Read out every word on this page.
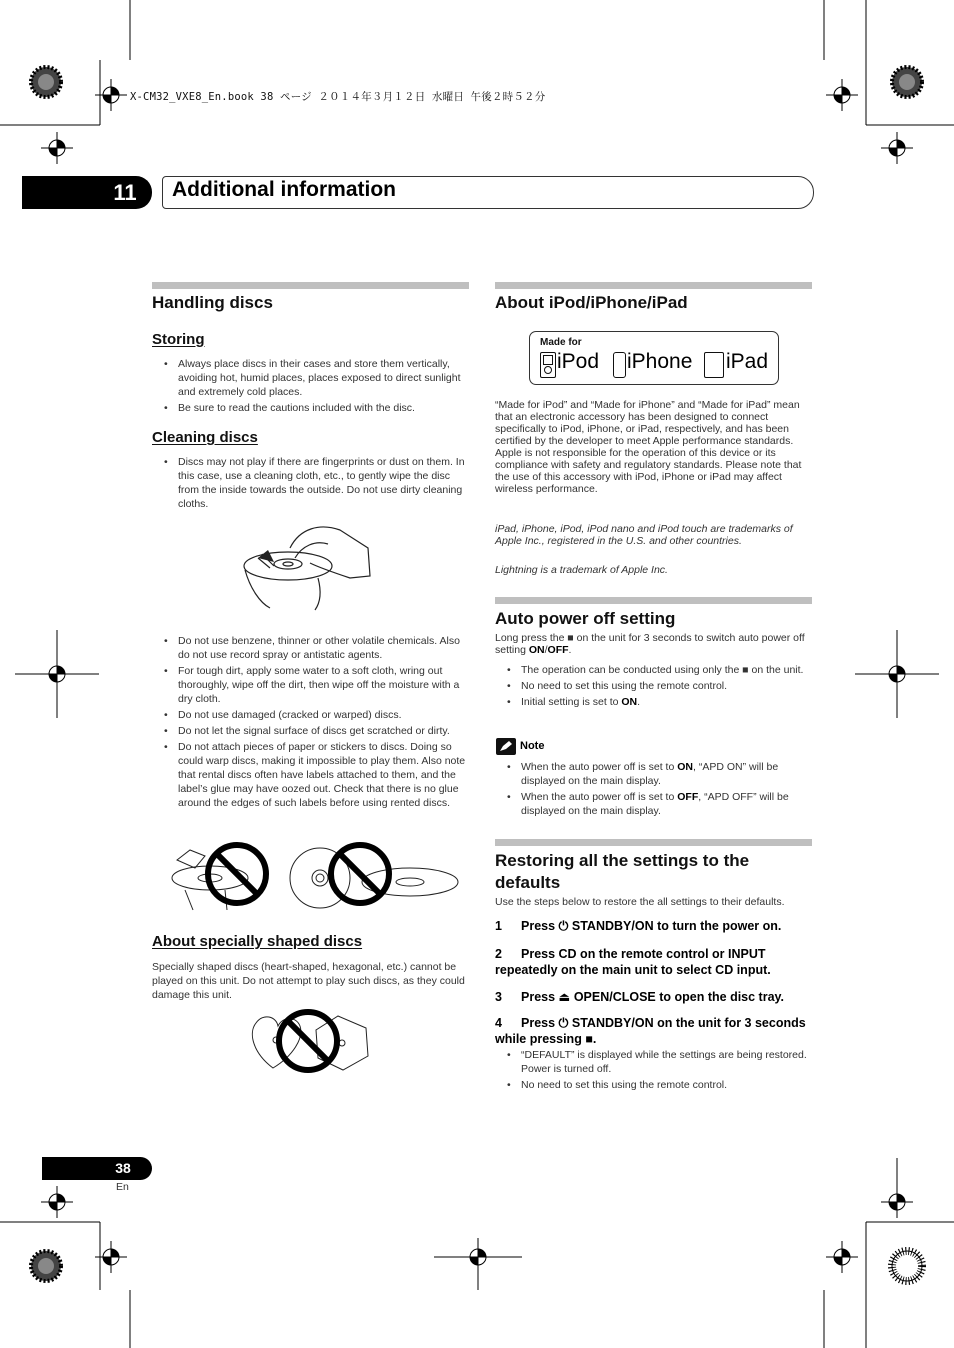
X-CM32_VXE8_En.book 38 ページ ２０１４年３月１２日 水曜日 午後２時５２分
11	Additional information
Handling discs
Storing
• Always place discs in their cases and store them vertically, avoiding hot, humid places, places exposed to direct sunlight and extremely cold places.
• Be sure to read the cautions included with the disc.
Cleaning discs
• Discs may not play if there are fingerprints or dust on them. In this case, use a cleaning cloth, etc., to gently wipe the disc from the inside towards the outside. Do not use dirty cleaning cloths.
• Do not use benzene, thinner or other volatile chemicals. Also do not use record spray or antistatic agents.
• For tough dirt, apply some water to a soft cloth, wring out thoroughly, wipe off the dirt, then wipe off the moisture with a dry cloth.
• Do not use damaged (cracked or warped) discs.
• Do not let the signal surface of discs get scratched or dirty.
• Do not attach pieces of paper or stickers to discs. Doing so could warp discs, making it impossible to play them. Also note that rental discs often have labels attached to them, and the label’s glue may have oozed out. Check that there is no glue around the edges of such labels before using rented discs.
About specially shaped discs

Specially shaped discs (heart-shaped, hexagonal, etc.) cannot be played on this unit. Do not attempt to play such discs, as they could damage this unit.

About iPod/iPhone/iPad
Made for
iPod iPhone iPad

“Made for iPod” and “Made for iPhone” and “Made for iPad” mean that an electronic accessory has been designed to connect specifically to iPod, iPhone, or iPad, respectively, and has been certified by the developer to meet Apple performance standards. Apple is not responsible for the operation of this device or its compliance with safety and regulatory standards. Please note that the use of this accessory with iPod, iPhone or iPad may affect wireless performance.

iPad, iPhone, iPod, iPod nano and iPod touch are trademarks of Apple Inc., registered in the U.S. and other countries.

Lightning is a trademark of Apple Inc.

Auto power off setting

Long press the ■ on the unit for 3 seconds to switch auto power off setting ON/OFF.

• The operation can be conducted using only the ■ on the unit.
• No need to set this using the remote control.
• Initial setting is set to ON.
Note
• When the auto power off is set to ON, “APD ON” will be displayed on the main display.
• When the auto power off is set to OFF, “APD OFF” will be displayed on the main display.
Restoring all the settings to the defaults

Use the steps below to restore the all settings to their defaults.

1 Press ⏻ STANDBY/ON to turn the power on.

2 Press CD on the remote control or INPUT repeatedly on the main unit to select CD input.

3 Press ⏏ OPEN/CLOSE to open the disc tray.

4 Press ⏻ STANDBY/ON on the unit for 3 seconds while pressing ■.

• “DEFAULT” is displayed while the settings are being restored. Power is turned off.
• No need to set this using the remote control.
38
En
